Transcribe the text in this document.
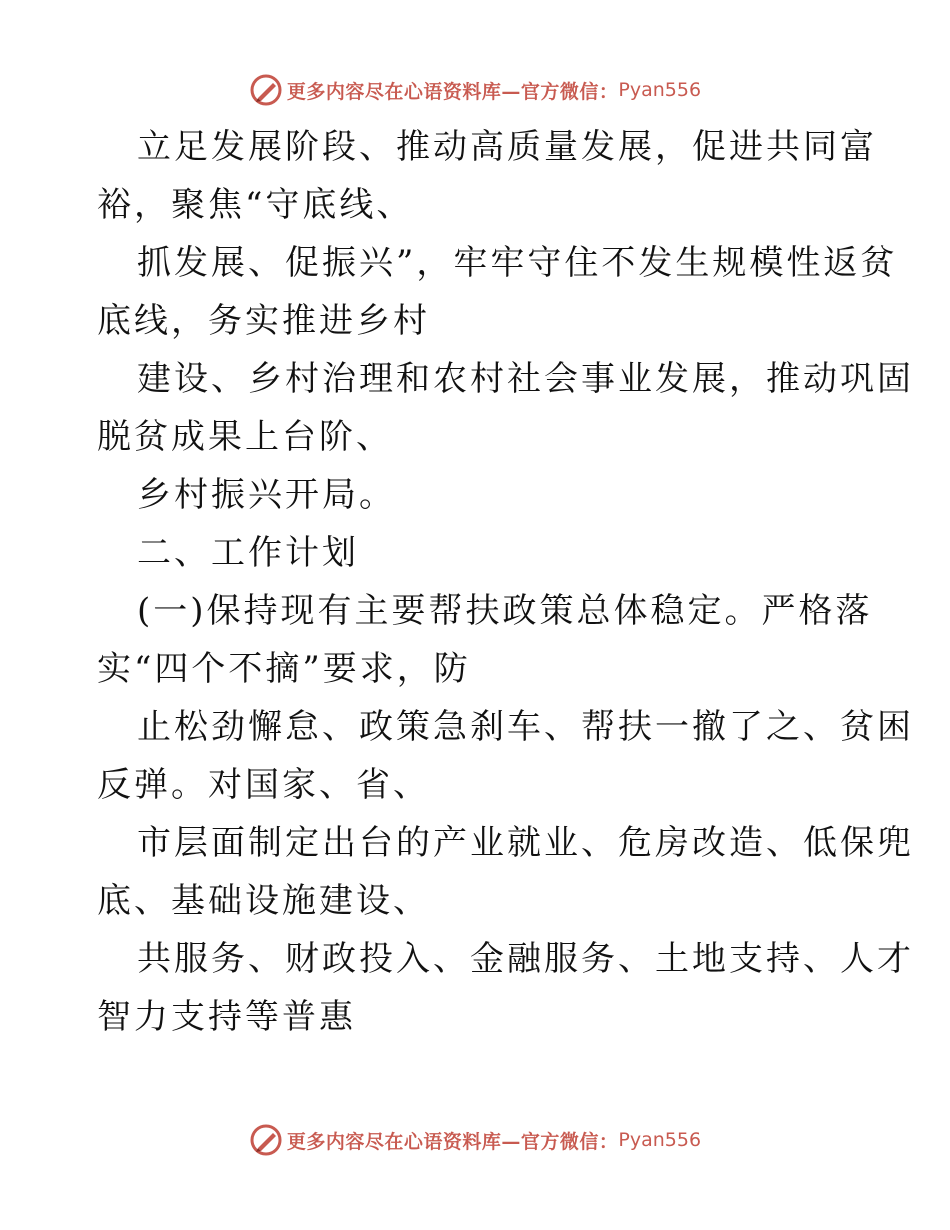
更多内容尽在心语资料库—官方微信： Pyan556
立足发展阶段、推动高质量发展，促进共同富
裕，聚焦“守底线、
抓发展、促振兴”，牢牢守住不发生规模性返贫
底线，务实推进乡村
建设、乡村治理和农村社会事业发展，推动巩固
脱贫成果上台阶、
乡村振兴开局。
二、工作计划
(一)保持现有主要帮扶政策总体稳定。严格落
实“四个不摘”要求，防
止松劲懈怠、政策急刹车、帮扶一撤了之、贫困
反弹。对国家、省、
市层面制定出台的产业就业、危房改造、低保兜
底、基础设施建设、
共服务、财政投入、金融服务、土地支持、人才
智力支持等普惠
更多内容尽在心语资料库—官方微信： Pyan556
